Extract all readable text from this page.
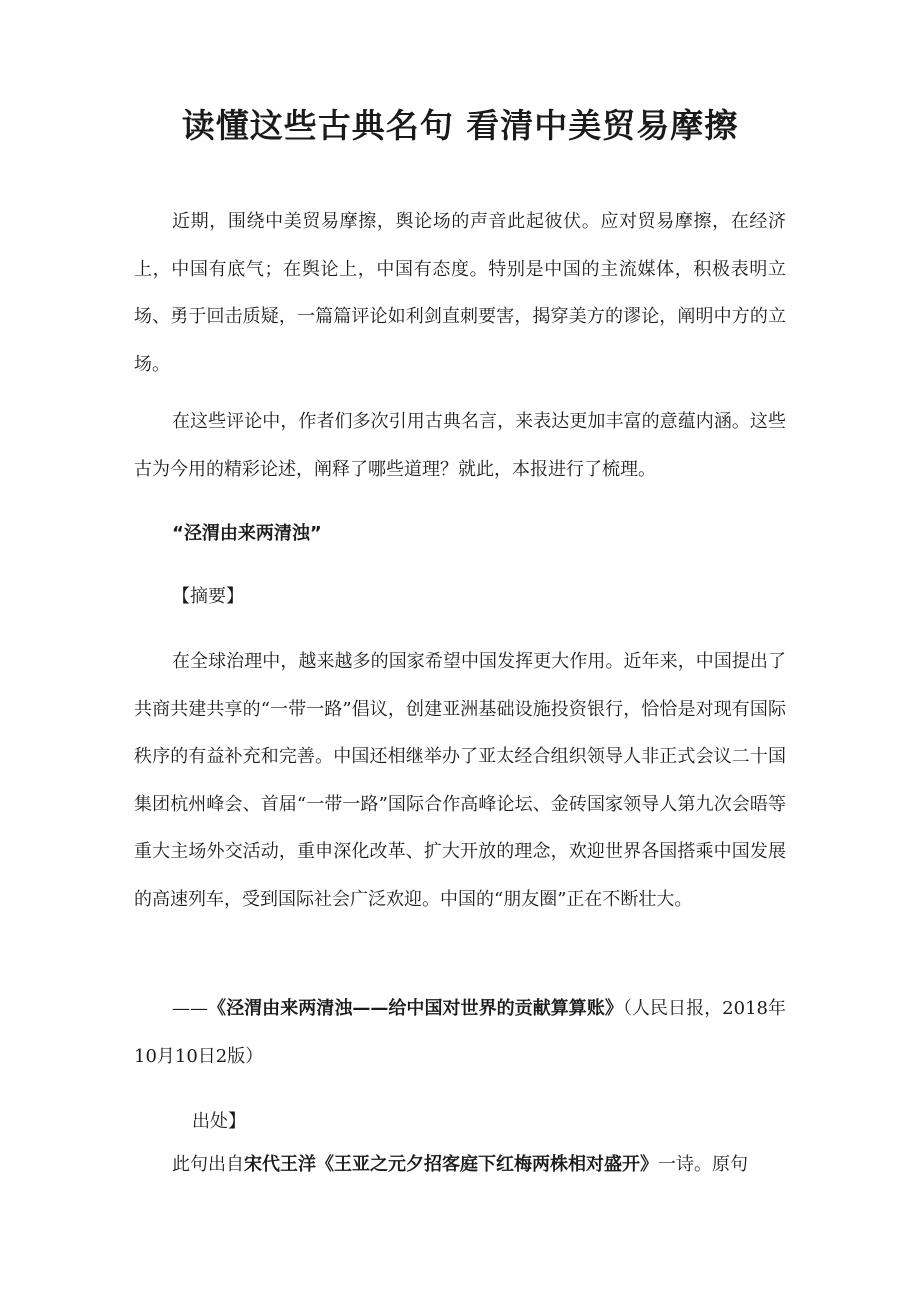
读懂这些古典名句 看清中美贸易摩擦

近期，围绕中美贸易摩擦，舆论场的声音此起彼伏。应对贸易摩擦，在经济上，中国有底气；在舆论上，中国有态度。特别是中国的主流媒体，积极表明立场、勇于回击质疑，一篇篇评论如利剑直刺要害，揭穿美方的谬论，阐明中方的立场。

在这些评论中，作者们多次引用古典名言，来表达更加丰富的意蕴内涵。这些古为今用的精彩论述，阐释了哪些道理？就此，本报进行了梳理。

“泾渭由来两清浊”

【摘要】

在全球治理中，越来越多的国家希望中国发挥更大作用。近年来，中国提出了共商共建共享的“一带一路”倡议，创建亚洲基础设施投资银行，恰恰是对现有国际秩序的有益补充和完善。中国还相继举办了亚太经合组织领导人非正式会议二十国集团杭州峰会、首届“一带一路”国际合作高峰论坛、金砖国家领导人第九次会晤等重大主场外交活动，重申深化改革、扩大开放的理念，欢迎世界各国搭乘中国发展的高速列车，受到国际社会广泛欢迎。中国的“朋友圈”正在不断壮大。

——《泾渭由来两清浊——给中国对世界的贡献算算账》（人民日报，2018年10月10日2版）

出处】

此句出自宋代王洋《王亚之元夕招客庭下红梅两株相对盛开》一诗。原句
